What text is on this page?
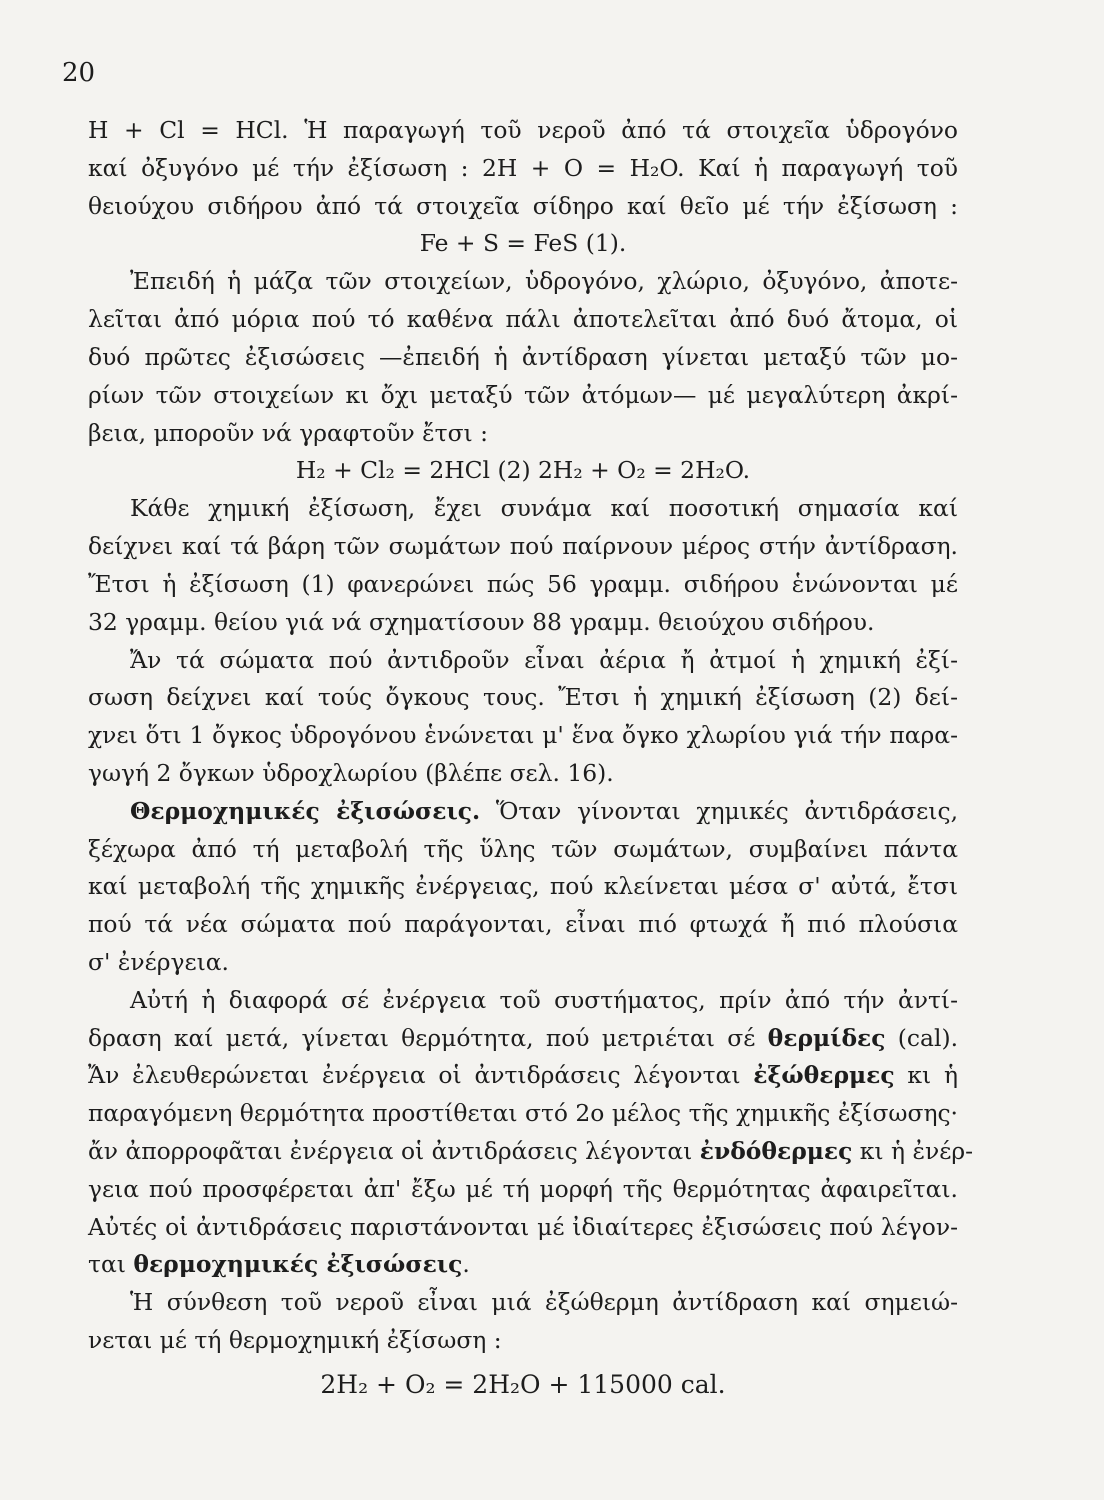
20
H + Cl = HCl. Ἡ παραγωγή τοῦ νεροῦ ἀπό τά στοιχεῖα ὑδρογόνο
καί ὀξυγόνο μέ τήν ἐξίσωση : 2H + O = H₂O. Καί ἡ παραγωγή τοῦ
θειούχου σιδήρου ἀπό τά στοιχεῖα σίδηρο καί θεῖο μέ τήν ἐξίσωση :
Fe + S = FeS (1).
Ἐπειδή ἡ μάζα τῶν στοιχείων, ὑδρογόνο, χλώριο, ὀξυγόνο, ἀποτε-
λεῖται ἀπό μόρια πού τό καθένα πάλι ἀποτελεῖται ἀπό δυό ἄτομα, οἱ
δυό πρῶτες ἐξισώσεις —ἐπειδή ἡ ἀντίδραση γίνεται μεταξύ τῶν μο-
ρίων τῶν στοιχείων κι ὄχι μεταξύ τῶν ἀτόμων— μέ μεγαλύτερη ἀκρί-
βεια, μποροῦν νά γραφτοῦν ἔτσι :
H₂ + Cl₂ = 2HCl (2) 2H₂ + O₂ = 2H₂O.
Κάθε χημική ἐξίσωση, ἔχει συνάμα καί ποσοτική σημασία καί
δείχνει καί τά βάρη τῶν σωμάτων πού παίρνουν μέρος στήν ἀντίδραση.
Ἔτσι ἡ ἐξίσωση (1) φανερώνει πώς 56 γραμμ. σιδήρου ἑνώνονται μέ
32 γραμμ. θείου γιά νά σχηματίσουν 88 γραμμ. θειούχου σιδήρου.
Ἄν τά σώματα πού ἀντιδροῦν εἶναι ἀέρια ἤ ἀτμοί ἡ χημική ἐξί-
σωση δείχνει καί τούς ὄγκους τους. Ἔτσι ἡ χημική ἐξίσωση (2) δεί-
χνει ὅτι 1 ὄγκος ὑδρογόνου ἑνώνεται μ' ἕνα ὄγκο χλωρίου γιά τήν παρα-
γωγή 2 ὄγκων ὑδροχλωρίου (βλέπε σελ. 16).
Θερμοχημικές ἐξισώσεις. Ὅταν γίνονται χημικές ἀντιδράσεις,
ξέχωρα ἀπό τή μεταβολή τῆς ὕλης τῶν σωμάτων, συμβαίνει πάντα
καί μεταβολή τῆς χημικῆς ἐνέργειας, πού κλείνεται μέσα σ' αὐτά, ἔτσι
πού τά νέα σώματα πού παράγονται, εἶναι πιό φτωχά ἤ πιό πλούσια
σ' ἐνέργεια.
Αὐτή ἡ διαφορά σέ ἐνέργεια τοῦ συστήματος, πρίν ἀπό τήν ἀντί-
δραση καί μετά, γίνεται θερμότητα, πού μετριέται σέ θερμίδες (cal).
Ἄν ἐλευθερώνεται ἐνέργεια οἱ ἀντιδράσεις λέγονται ἐξώθερμες κι ἡ
παραγόμενη θερμότητα προστίθεται στό 2ο μέλος τῆς χημικῆς ἐξίσωσης·
ἄν ἀπορροφᾶται ἐνέργεια οἱ ἀντιδράσεις λέγονται ἐνδόθερμες κι ἡ ἐνέρ-
γεια πού προσφέρεται ἀπ' ἔξω μέ τή μορφή τῆς θερμότητας ἀφαιρεῖται.
Αὐτές οἱ ἀντιδράσεις παριστάνονται μέ ἰδιαίτερες ἐξισώσεις πού λέγον-
ται θερμοχημικές ἐξισώσεις.
Ἡ σύνθεση τοῦ νεροῦ εἶναι μιά ἐξώθερμη ἀντίδραση καί σημειώ-
νεται μέ τή θερμοχημική ἐξίσωση :
2H₂ + O₂ = 2H₂O + 115000 cal.
